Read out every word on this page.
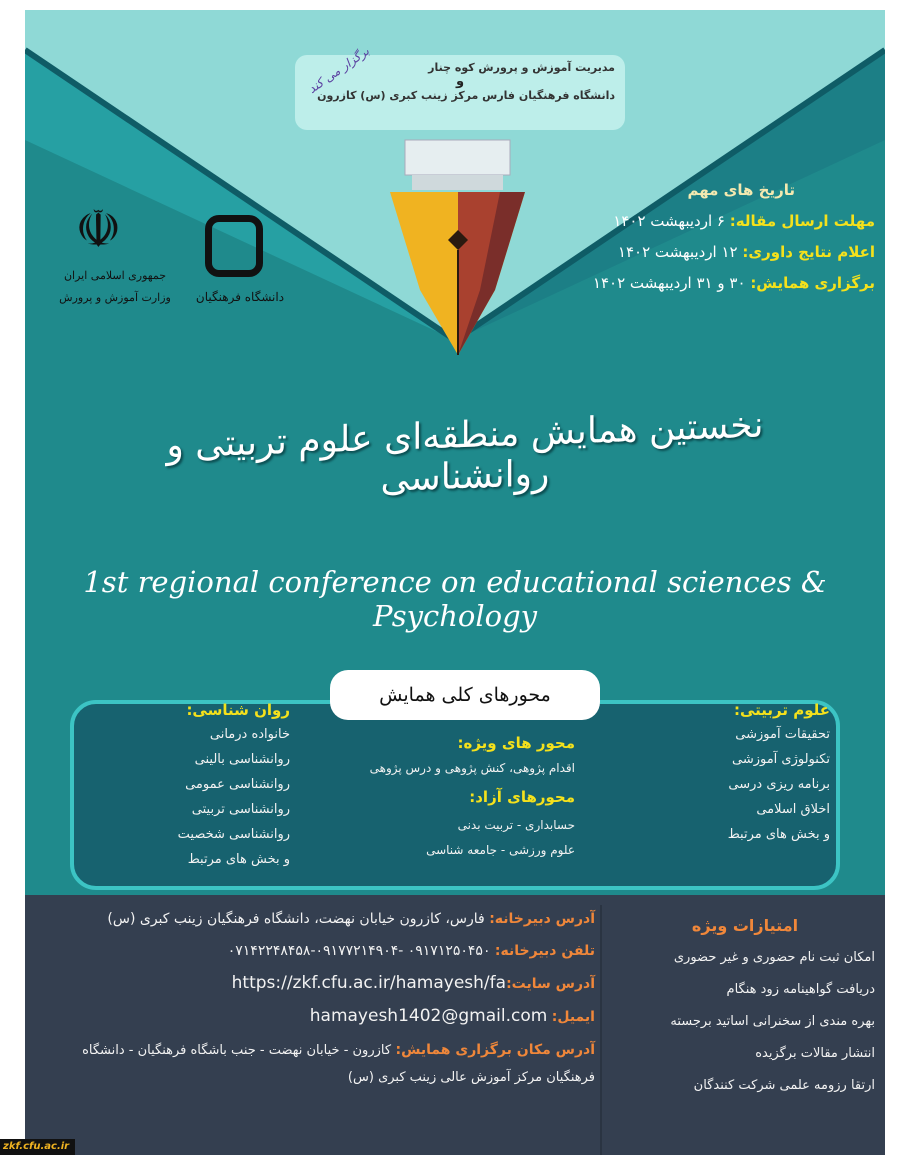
مدیریت آموزش و پرورش کوه چنار
و
دانشگاه فرهنگیان فارس مرکز زینب کبری (س) کازرون
برگزار می کند
☫
جمهوری اسلامی ایران
وزارت آموزش و پرورش	دانشگاه فرهنگیان
تاریخ های مهم
مهلت ارسال مقاله: ۶ اردیبهشت ۱۴۰۲
اعلام نتایج داوری: ۱۲ اردیبهشت ۱۴۰۲
برگزاری همایش: ۳۰ و ۳۱ اردیبهشت ۱۴۰۲
نخستین همایش منطقه‌ای علوم تربیتی و روانشناسی
1st regional conference on educational sciences & Psychology
محورهای کلی همایش
روان شناسی:
خانواده درمانی
روانشناسی بالینی
روانشناسی عمومی
روانشناسی تربیتی
روانشناسی شخصیت
و بخش های مرتبط
محور های ویژه:
اقدام پژوهی، کنش پژوهی و درس پژوهی
محورهای آزاد:
حسابداری - تربیت بدنی
علوم ورزشی - جامعه شناسی
علوم تربیتی:
تحقیقات آموزشی
تکنولوژی آموزشی
برنامه ریزی درسی
اخلاق اسلامی
و بخش های مرتبط
آدرس دبیرخانه: فارس، کازرون خیابان نهضت، دانشگاه فرهنگیان زینب کبری (س)
تلفن دبیرخانه: ۰۹۱۷۱۲۵۰۴۵۰ -۰۹۱۷۷۲۱۴۹۰۴-۰۷۱۴۲۲۴۸۴۵۸
آدرس سایت:https://zkf.cfu.ac.ir/hamayesh/fa
ایمیل: hamayesh1402@gmail.com
آدرس مکان برگزاری همایش: کازرون - خیابان نهضت - جنب باشگاه فرهنگیان - دانشگاه فرهنگیان مرکز آموزش عالی زینب کبری (س)
امتیازات ویژه
امکان ثبت نام حضوری و غیر حضوری
دریافت گواهینامه زود هنگام
بهره مندی از سخنرانی اساتید برجسته
انتشار مقالات برگزیده
ارتقا رزومه علمی شرکت کنندگان
zkf.cfu.ac.ir
